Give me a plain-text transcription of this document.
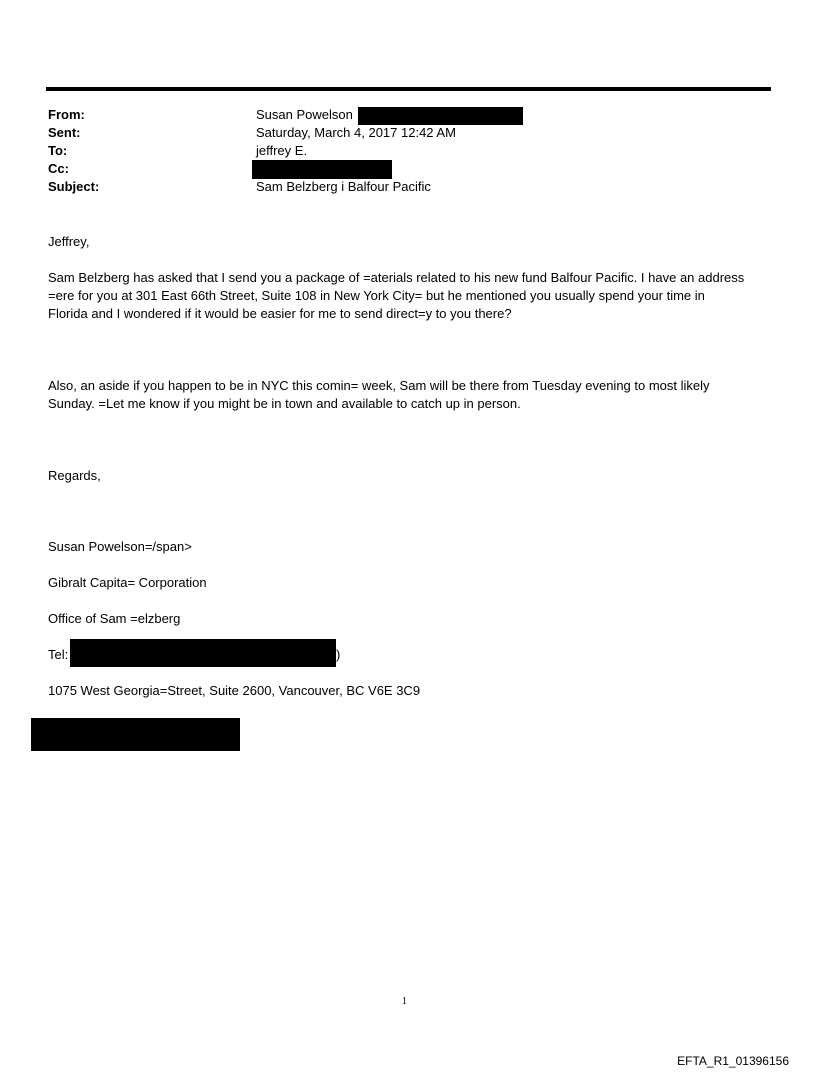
From:	Susan Powelson
Sent:	Saturday, March 4, 2017 12:42 AM
To:	jeffrey E.
Cc:
Subject:	Sam Belzberg i Balfour Pacific

Jeffrey,

Sam Belzberg has asked that I send you a package of =aterials related to his new fund Balfour Pacific. I have an address
=ere for you at 301 East 66th Street, Suite 108 in New York City= but he mentioned you usually spend your time in
Florida and I wondered if it would be easier for me to send direct=y to you there?
Also, an aside if you happen to be in NYC this comin= week, Sam will be there from Tuesday evening to most likely
Sunday. =Let me know if you might be in town and available to catch up in person.

Regards,

Susan Powelson=/span>

Gibralt Capita= Corporation

Office of Sam =elzberg

Tel:	)

1075 West Georgia=Street, Suite 2600, Vancouver, BC V6E 3C9

1
EFTA_R1_01396156
